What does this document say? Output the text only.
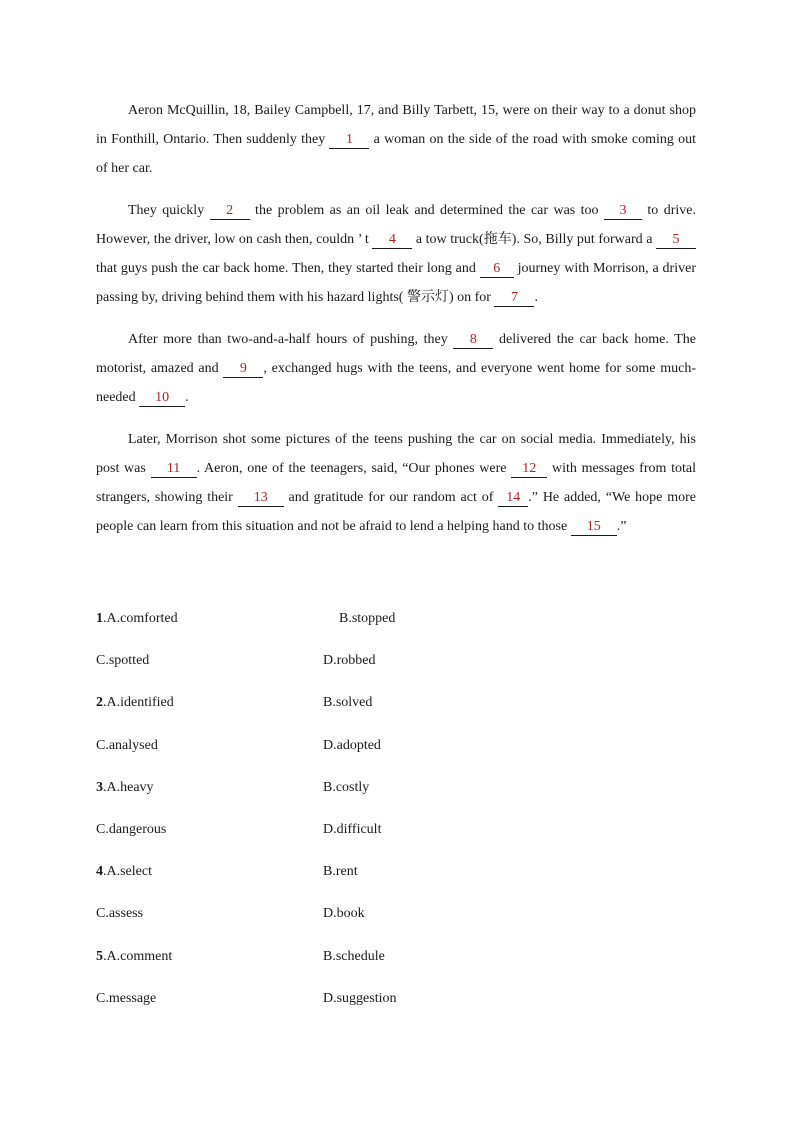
Aeron McQuillin, 18, Bailey Campbell, 17, and Billy Tarbett, 15, were on their way to a donut shop in Fonthill, Ontario. Then suddenly they 1 a woman on the side of the road with smoke coming out of her car.

They quickly 2 the problem as an oil leak and determined the car was too 3 to drive. However, the driver, low on cash then, couldn ’ t 4 a tow truck(拖车). So, Billy put forward a 5 that guys push the car back home. Then, they started their long and 6 journey with Morrison, a driver passing by, driving behind them with his hazard lights( 警示灯) on for 7 .

After more than two-and-a-half hours of pushing, they 8 delivered the car back home. The motorist, amazed and 9 , exchanged hugs with the teens, and everyone went home for some much-needed 10 .

Later, Morrison shot some pictures of the teens pushing the car on social media. Immediately, his post was 11 . Aeron, one of the teenagers, said, “Our phones were 12 with messages from total strangers, showing their 13 and gratitude for our random act of 14 .” He added, “We hope more people can learn from this situation and not be afraid to lend a helping hand to those 15 .”

1.A.comforted	B.stopped
C.spotted	D.robbed
2.A.identified	B.solved
C.analysed	D.adopted
3.A.heavy	B.costly
C.dangerous	D.difficult
4.A.select	B.rent
C.assess	D.book
5.A.comment	B.schedule
C.message	D.suggestion
